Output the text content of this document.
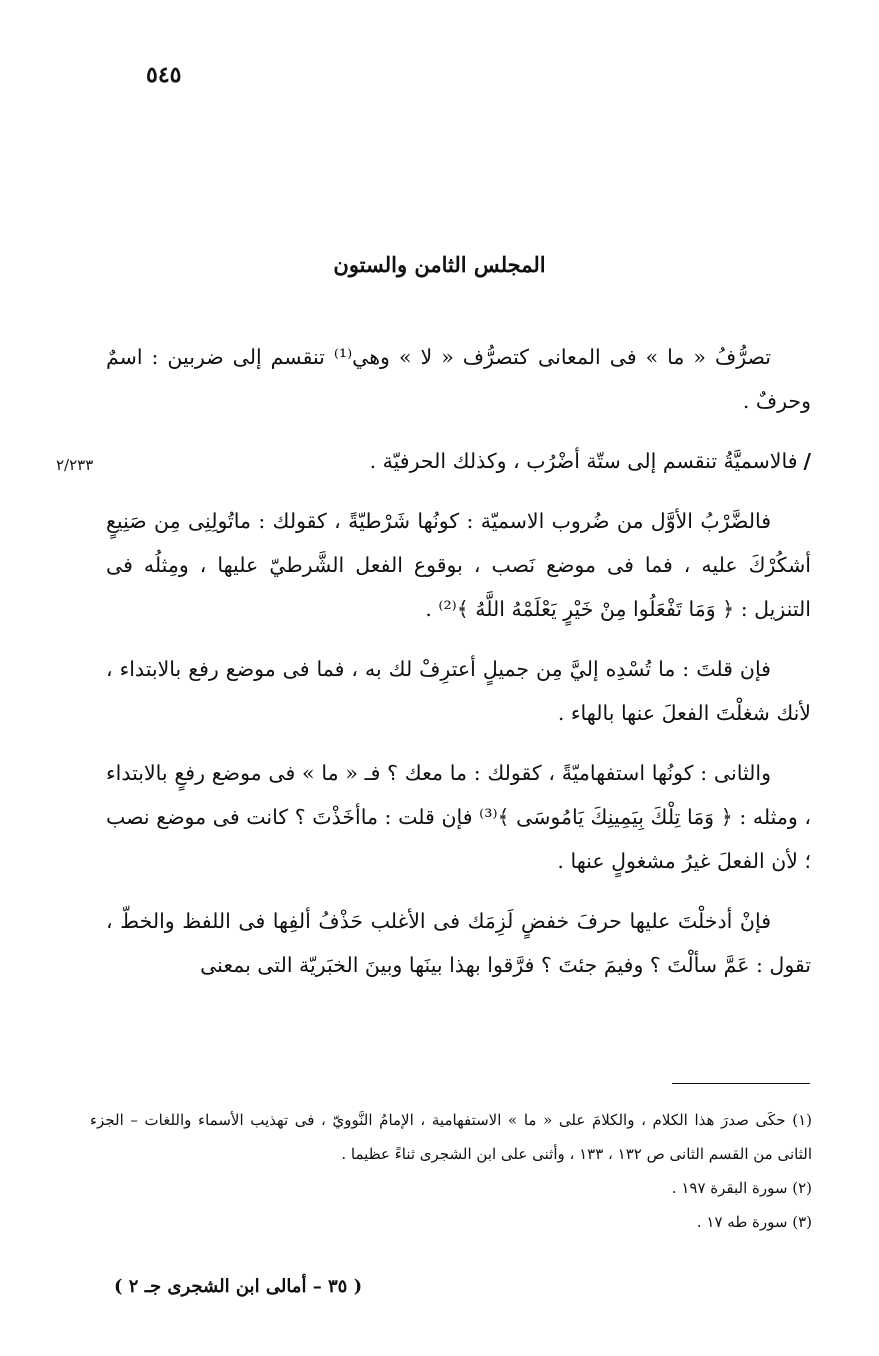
٥٤٥
المجلس الثامن والستون

تصرُّفُ « ما » فى المعانى كتصرُّف « لا » وهي⁽¹⁾ تنقسم إلى ضربين : اسمٌ وحرفٌ .

/فالاسميَّةُ تنقسم إلى ستّة أضْرُب ، وكذلك الحرفيّة .

فالضَّرْبُ الأوَّل من ضُروب الاسميّة : كونُها شَرْطيّةً ، كقولك : ماتُولِنِى مِن صَنِيعٍ أشكُرْكَ عليه ، فما فى موضع نَصب ، بوقوع الفعل الشَّرطيّ عليها ، ومِثلُه فى التنزيل : ﴿ وَمَا تَفْعَلُوا مِنْ خَيْرٍ يَعْلَمْهُ اللَّهُ ﴾⁽²⁾ .

فإن قلتَ : ما تُسْدِه إليَّ مِن جميلٍ أعترِفْ لك به ، فما فى موضع رفع بالابتداء ، لأنك شغلْتَ الفعلَ عنها بالهاء .

والثانى : كونُها استفهاميّةً ، كقولك : ما معك ؟ فـ « ما » فى موضع رفعٍ بالابتداء ، ومثله : ﴿ وَمَا تِلْكَ بِيَمِينِكَ يَامُوسَى ﴾⁽³⁾ فإن قلت : ماأخَذْتَ ؟ كانت فى موضع نصب ؛ لأن الفعلَ غيرُ مشغولٍ عنها .

فإنْ أدخلْتَ عليها حرفَ خفضٍ لَزِمَك فى الأغلب حَذْفُ ألفِها فى اللفظ والخطّ ، تقول : عَمَّ سألْتَ ؟ وفيمَ جئتَ ؟ فرَّقوا بهذا بينَها وبينَ الخبَريّة التى بمعنى

٢/٢٣٣

(١) حكَى صدرَ هذا الكلام ، والكلامَ على « ما » الاستفهامية ، الإمامُ النَّوويّ ، فى تهذيب الأسماء واللغات – الجزء الثانى من القسم الثانى ص ١٣٢ ، ١٣٣ ، وأثنى على ابن الشجرى ثناءً عظيما .

(٢) سورة البقرة ١٩٧ .

(٣) سورة طه ١٧ .

( ٣٥ – أمالى ابن الشجرى جـ ٢ )
